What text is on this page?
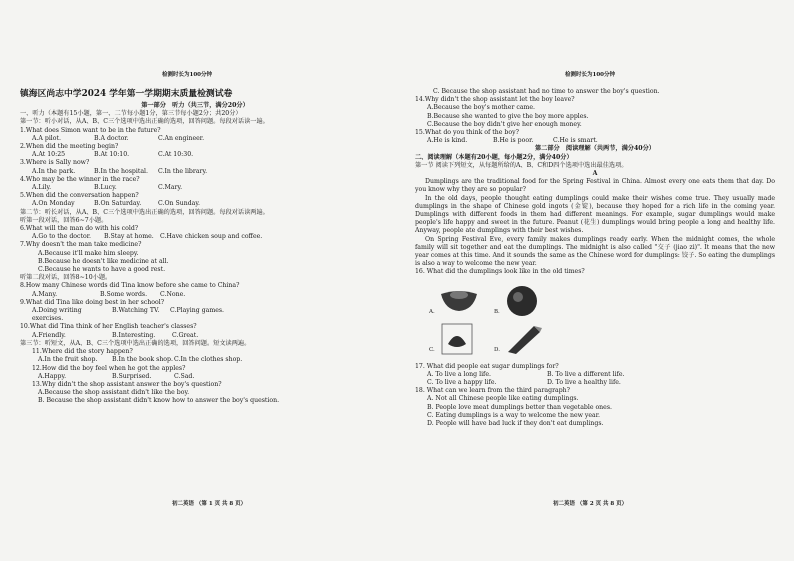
检测时长为100分钟
镇海区尚志中学2024 学年第一学期期末质量检测试卷
第一部分　听力（共三节，满分20分）
一、听力（本题有15小题，第一、二节每小题1分，第三节每小题2分；共20分）
第一节：听小对话，从A、B、C三个选项中选出正确的选项，回答问题。每段对话读一遍。
1.What does Simon want to be in the future?
A.A pilot.	B.A doctor.	C.An engineer.
2.When did the meeting begin?
A.At 10:25	B.At 10:10.	C.At 10:30.
3.Where is Sally now?
A.In the park.	B.In the hospital.	C.In the library.
4.Who may be the winner in the race?
A.Lily.	B.Lucy.	C.Mary.
5.When did the conversation happen?
A.On Monday	B.On Saturday.	C.On Sunday.
第二节：听长对话，从A、B、C三个选项中选出正确的选项，回答问题。每段对话读两遍。
听第一段对话，回答6~7小题。
6.What will the man do with his cold?
A.Go to the doctor.	B.Stay at home.	C.Have chicken soup and coffee.
7.Why doesn't the man take medicine?
A.Because it'll make him sleepy.
B.Because he doesn't like medicine at all.
C.Because he wants to have a good rest.
听第二段对话，回答8~10小题。
8.How many Chinese words did Tina know before she came to China?
A.Many.	B.Some words.	C.None.
9.What did Tina like doing best in her school?
A.Doing writing exercises.
B.Watching TV.	C.Playing games.
10.What did Tina think of her English teacher's classes?
A.Friendly.	B.Interesting.	C.Great.
第三节：听短文，从A、B、C三个选项中选出正确的选项，回答问题。短文读两遍。
11.Where did the story happen?
A.In the fruit shop.	B.In the book shop. C.In the clothes shop.
12.How did the boy feel when he got the apples?
A.Happy.	B.Surprised.	C.Sad.
13.Why didn't the shop assistant answer the boy's question?
A.Because the shop assistant didn't like the boy.
B. Because the shop assistant didn't know how to answer the boy's question.
初二英语 （第 1 页 共 8 页）
检测时长为100分钟
C. Because the shop assistant had no time to answer the boy's question.
14.Why didn't the shop assistant let the boy leave?
A.Because the boy's mother came.
B.Because she wanted to give the boy more apples.
C.Because the boy didn't give her enough money.
15.What do you think of the boy?
A.He is kind.	B.He is poor.	C.He is smart.
第二部分　阅读理解（共两节，满分40分）
二、阅读理解（本题有20小题，每小题2分，满分40分）
第一节 阅读下列短文，从每题所给的A、B、C和D四个选项中选出最佳选项。
A
Dumplings are the traditional food for the Spring Festival in China. Almost every one eats them that day. Do you know why they are so popular?
In the old days, people thought eating dumplings could make their wishes come true. They usually made dumplings in the shape of Chinese gold ingots (金锭), because they hoped for a rich life in the coming year. Dumplings with different foods in them had different meanings. For example, sugar dumplings would make people's life happy and sweet in the future. Peanut (花生) dumplings would bring people a long and healthy life. Anyway, people ate dumplings with their best wishes.
On Spring Festival Eve, every family makes dumplings ready early. When the midnight comes, the whole family will sit together and eat the dumplings. The midnight is also called "交子 (jiao zi)". It means that the new year comes at this time. And it sounds the same as the Chinese word for dumplings: 饺子. So eating the dumplings is also a way to welcome the new year.
16. What did the dumplings look like in the old times?
A.	B.
C.	D.
17. What did people eat sugar dumplings for?
A. To live a long life.	B. To live a different life.
C. To live a happy life.	D. To live a healthy life.
18. What can we learn from the third paragraph?
A. Not all Chinese people like eating dumplings.
B. People love meat dumplings better than vegetable ones.
C. Eating dumplings is a way to welcome the new year.
D. People will have bad luck if they don't eat dumplings.
初二英语 （第 2 页 共 8 页）
